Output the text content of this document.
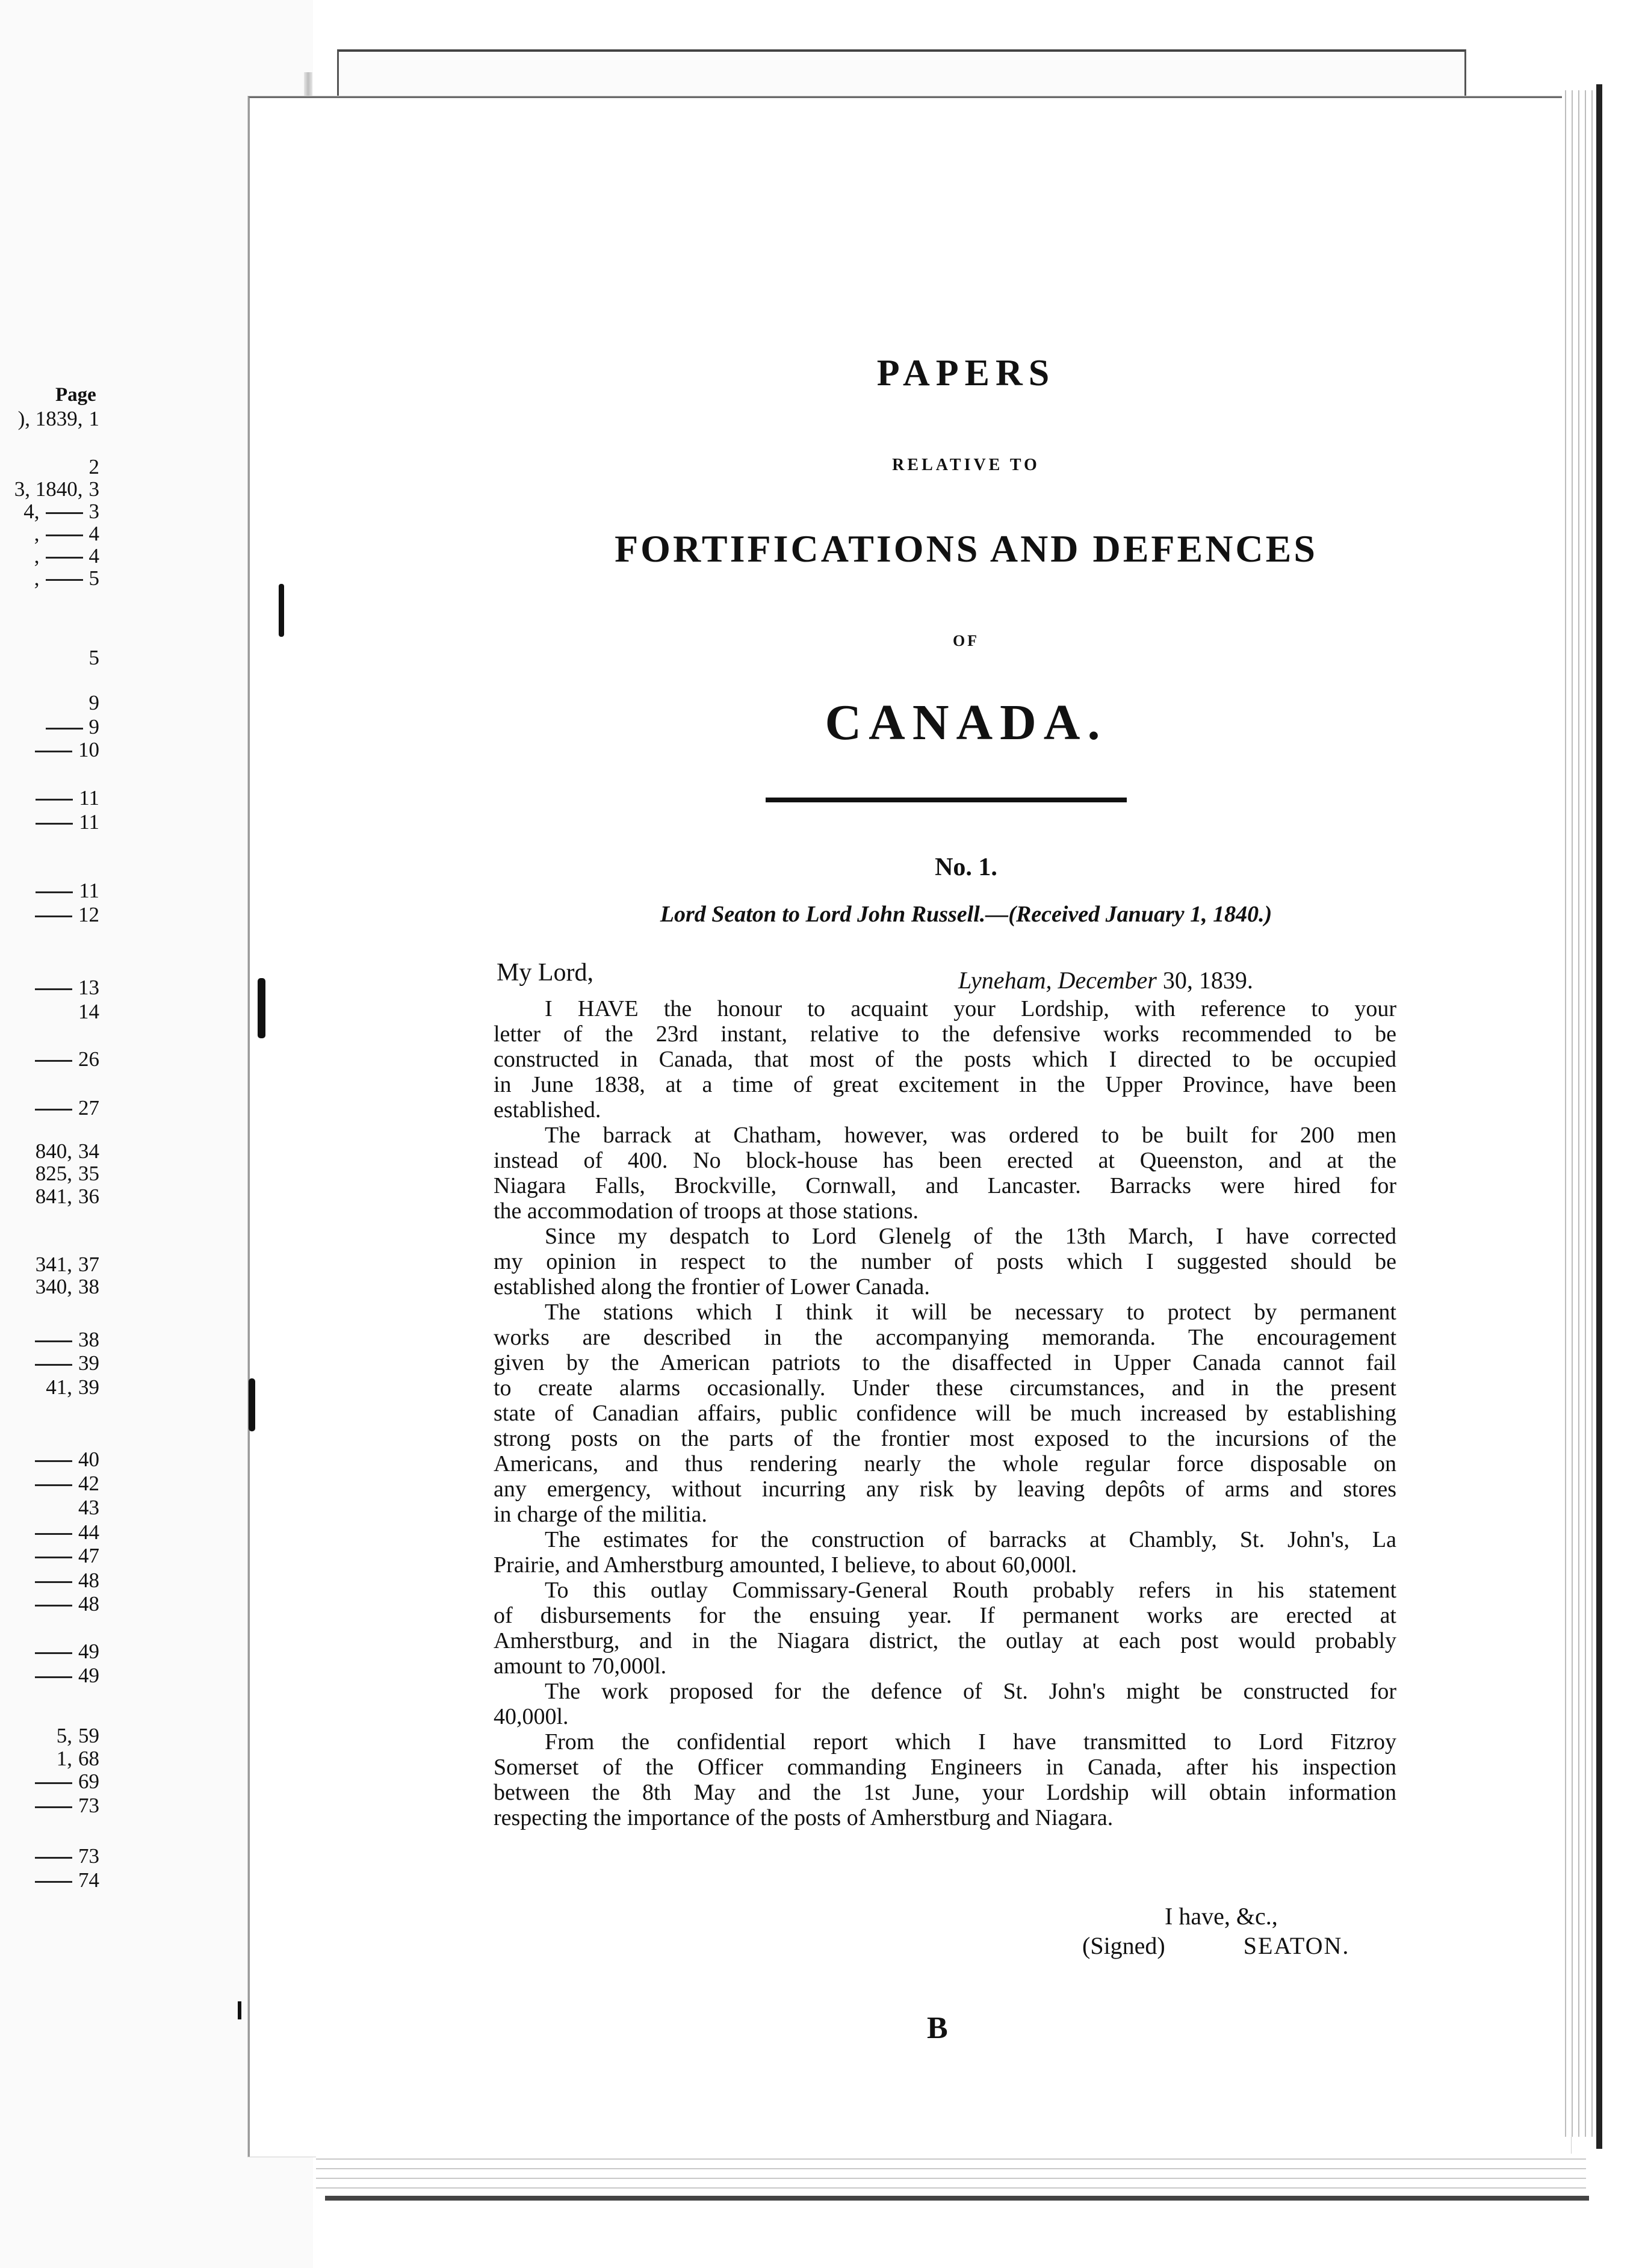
Page
), 1839, 1
2
3, 1840, 3
4, 3
, 4
, 4
, 5
5
9
9
10
11
11
11
12
13
14
26
27
840, 34
825, 35
841, 36
341, 37
340, 38
38
39
41, 39
40
42
43
44
47
48
48
49
49
5, 59
1, 68
69
73
73
74
PAPERS
RELATIVE TO
FORTIFICATIONS AND DEFENCES
OF
CANADA.
No. 1.
Lord Seaton to Lord John Russell.—(Received January 1, 1840.)
My Lord,	Lyneham, December 30, 1839.
I HAVE the honour to acquaint your Lordship, with reference to your
letter of the 23rd instant, relative to the defensive works recommended to be
constructed in Canada, that most of the posts which I directed to be occupied
in June 1838, at a time of great excitement in the Upper Province, have been
established.
The barrack at Chatham, however, was ordered to be built for 200 men
instead of 400. No block-house has been erected at Queenston, and at the
Niagara Falls, Brockville, Cornwall, and Lancaster. Barracks were hired for
the accommodation of troops at those stations.
Since my despatch to Lord Glenelg of the 13th March, I have corrected
my opinion in respect to the number of posts which I suggested should be
established along the frontier of Lower Canada.
The stations which I think it will be necessary to protect by permanent
works are described in the accompanying memoranda. The encouragement
given by the American patriots to the disaffected in Upper Canada cannot fail
to create alarms occasionally. Under these circumstances, and in the present
state of Canadian affairs, public confidence will be much increased by establishing
strong posts on the parts of the frontier most exposed to the incursions of the
Americans, and thus rendering nearly the whole regular force disposable on
any emergency, without incurring any risk by leaving depôts of arms and stores
in charge of the militia.
The estimates for the construction of barracks at Chambly, St. John's, La
Prairie, and Amherstburg amounted, I believe, to about 60,000l.
To this outlay Commissary-General Routh probably refers in his statement
of disbursements for the ensuing year. If permanent works are erected at
Amherstburg, and in the Niagara district, the outlay at each post would probably
amount to 70,000l.
The work proposed for the defence of St. John's might be constructed for
40,000l.
From the confidential report which I have transmitted to Lord Fitzroy
Somerset of the Officer commanding Engineers in Canada, after his inspection
between the 8th May and the 1st June, your Lordship will obtain information
respecting the importance of the posts of Amherstburg and Niagara.
I have, &c.,
(Signed)	SEATON.
B
